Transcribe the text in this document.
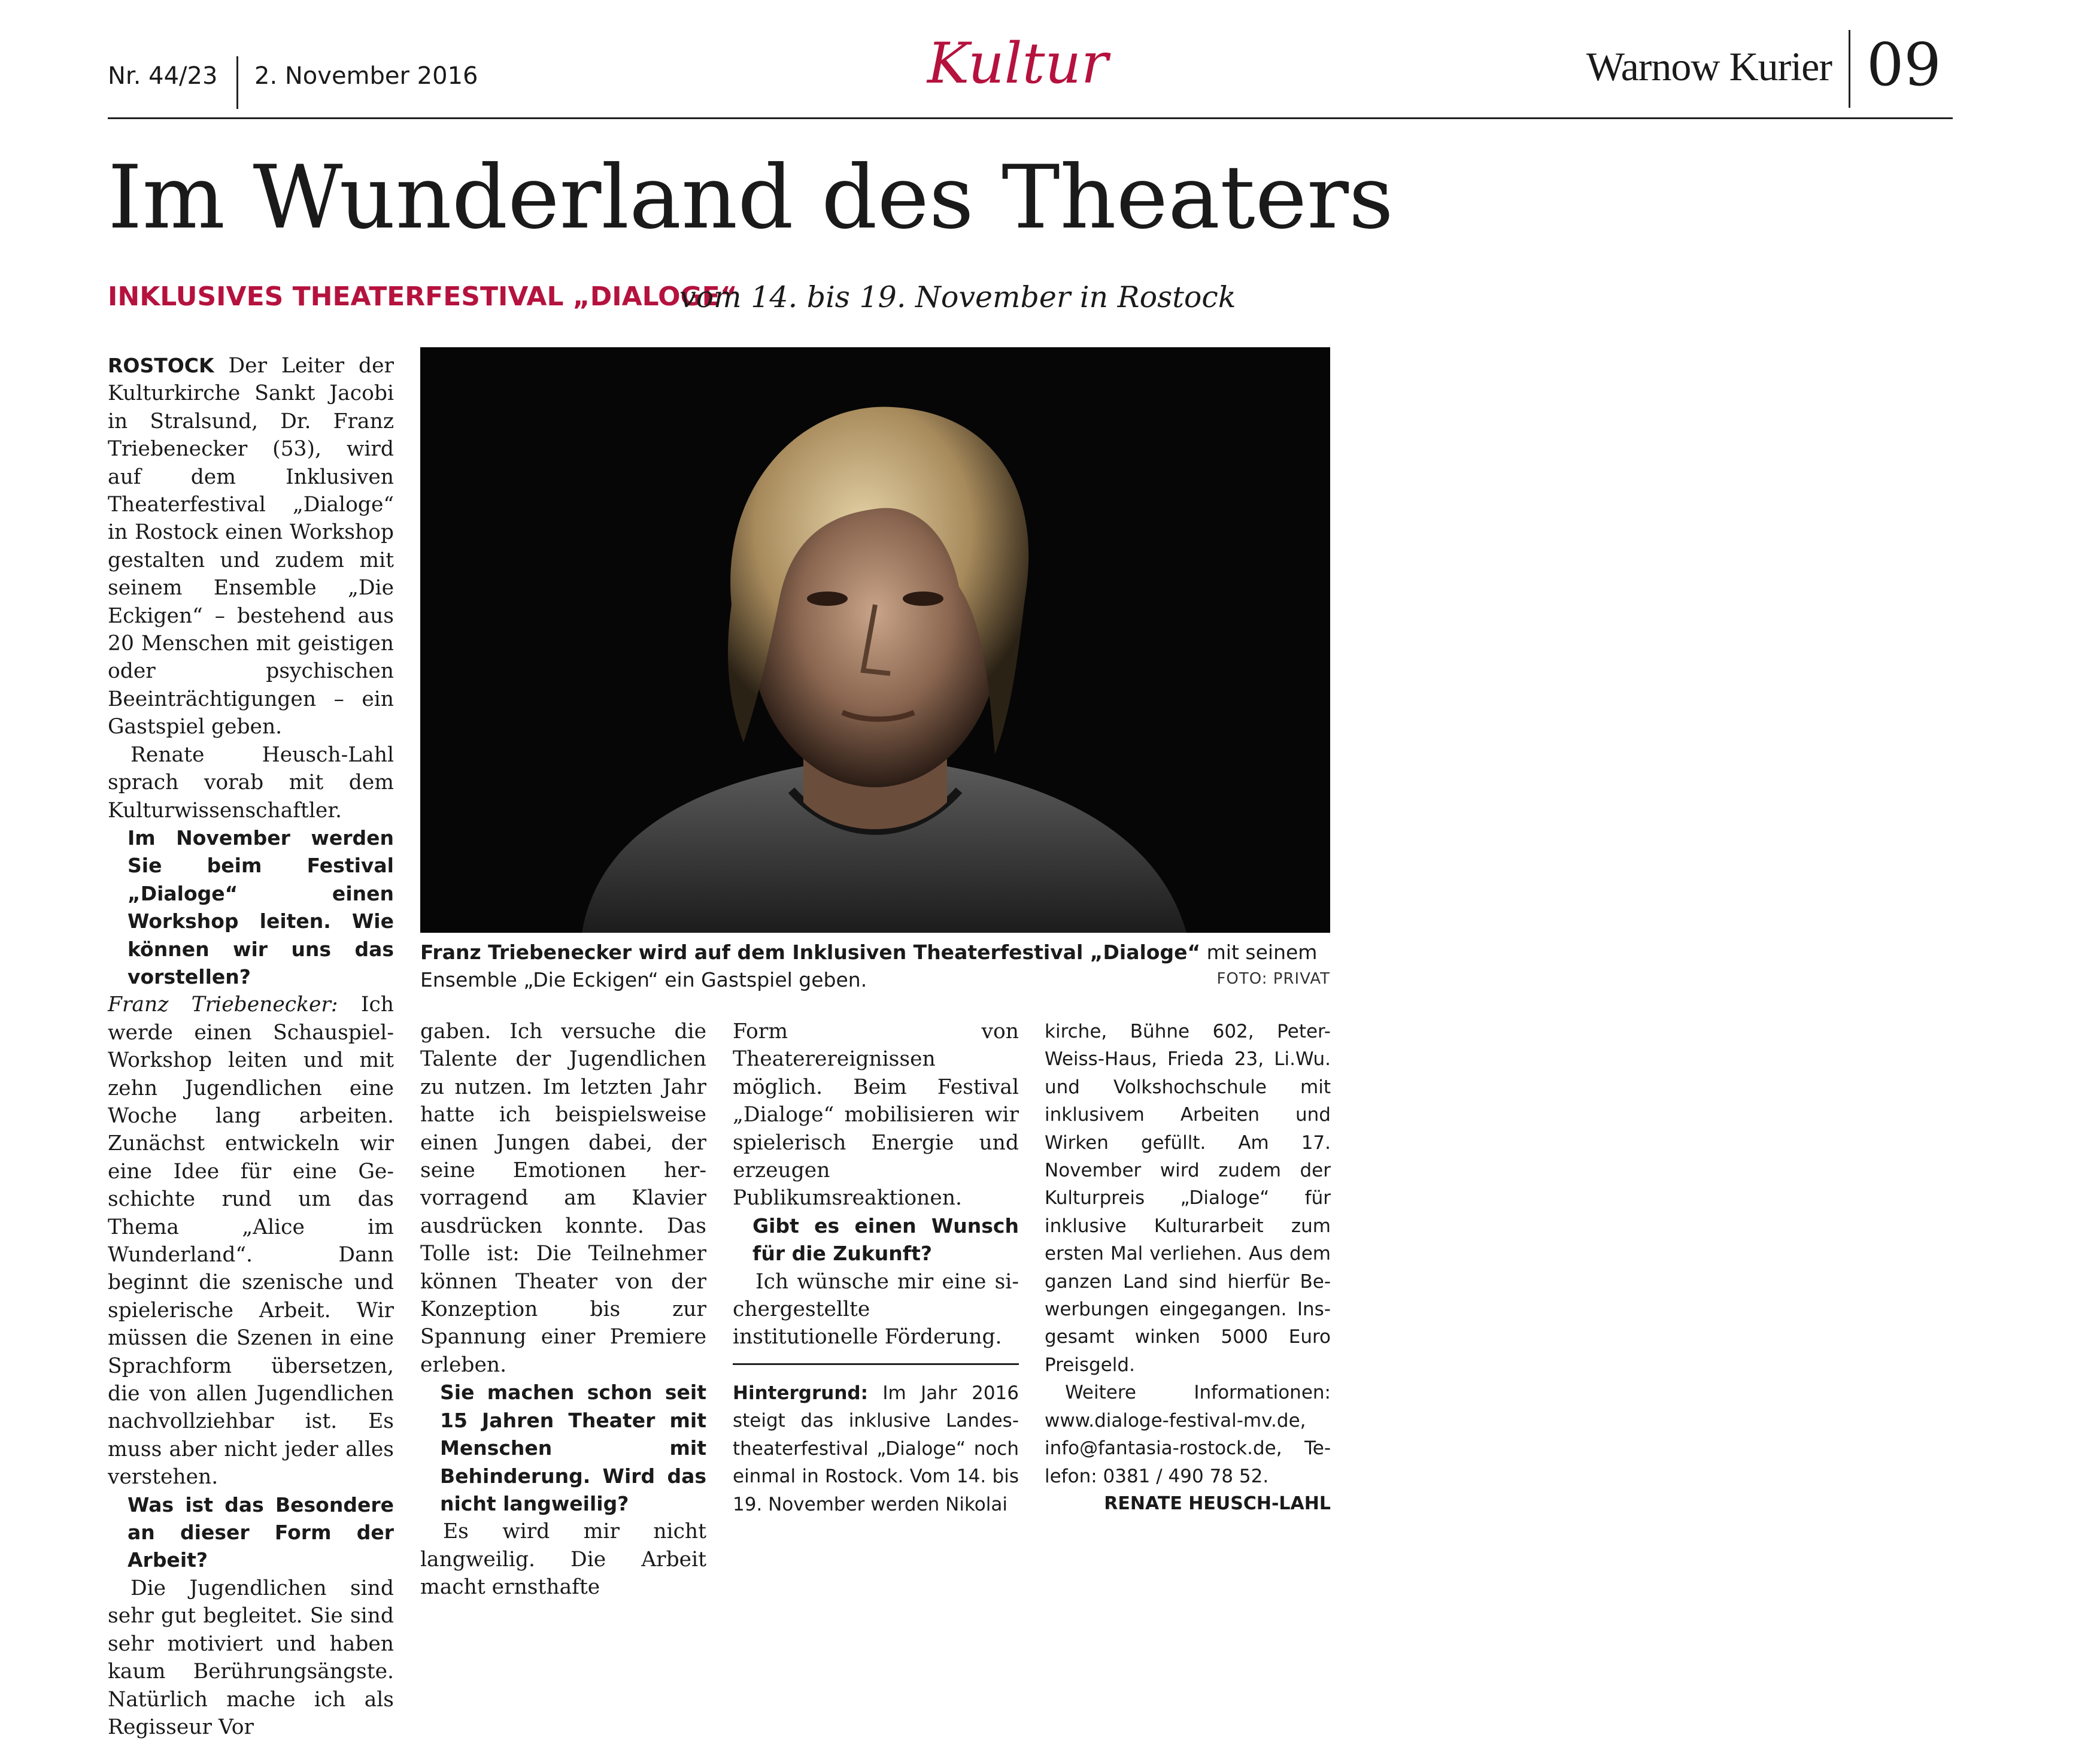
Nr. 44/23 2. November 2016	Kultur	Warnow Kurier 09
Im Wunderland des Theaters
INKLUSIVES THEATERFESTIVAL „DIALOGE“
vom 14. bis 19. November in Rostock
Franz Triebenecker wird auf dem Inklusiven Theaterfestival „Dialoge“ mit seinem Ensemble „Die Eckigen“ ein Gastspiel geben.	FOTO: PRIVAT

ROSTOCK Der Leiter der Kulturkirche Sankt Jacobi in Stralsund, Dr. Franz Triebenecker (53), wird auf dem Inklusiven Theaterfestival „Dialoge“ in Rostock einen Workshop gestalten und zudem mit seinem Ensemble „Die Eckigen“ – bestehend aus 20 Menschen mit geistigen oder psychischen Beeinträchtigungen – ein Gastspiel geben.

Renate Heusch-Lahl sprach vorab mit dem Kulturwissenschaftler.

Im November werden Sie beim Festival „Dialoge“ einen Workshop leiten. Wie können wir uns das vorstellen?

Franz Triebenecker: Ich werde einen Schauspiel-Workshop leiten und mit zehn Jugendlichen eine Woche lang arbeiten. Zunächst entwickeln wir eine Idee für eine Geschichte rund um das Thema „Alice im Wunderland“. Dann beginnt die szenische und spielerische Arbeit. Wir müssen die Szenen in eine Sprachform übersetzen, die von allen Jugendlichen nachvollziehbar ist. Es muss aber nicht jeder alles verstehen.

Was ist das Besondere an dieser Form der Arbeit?

Die Jugendlichen sind sehr gut begleitet. Sie sind sehr motiviert und haben kaum Berührungsängste. Natürlich mache ich als Regisseur Vor

gaben. Ich versuche die Talente der Jugendlichen zu nutzen. Im letzten Jahr hatte ich beispielsweise einen Jungen dabei, der seine Emotionen hervorragend am Klavier ausdrücken konnte. Das Tolle ist: Die Teilnehmer können Theater von der Konzeption bis zur Spannung einer Premiere erleben.

Sie machen schon seit 15 Jahren Theater mit Menschen mit Behinderung. Wird das nicht langweilig?

Es wird mir nicht langweilig. Die Arbeit macht ernsthafte

Form von Theaterereignissen möglich. Beim Festival „Dialoge“ mobilisieren wir spielerisch Energie und erzeugen Publikumsreaktionen.

Gibt es einen Wunsch für die Zukunft?

Ich wünsche mir eine sichergestellte institutionelle Förderung.

Hintergrund: Im Jahr 2016 steigt das inklusive Landestheaterfestival „Dialoge“ noch einmal in Rostock. Vom 14. bis 19. November werden Nikolai

kirche, Bühne 602, Peter-Weiss-Haus, Frieda 23, Li.Wu. und Volkshochschule mit inklusivem Arbeiten und Wirken gefüllt. Am 17. November wird zudem der Kulturpreis „Dialoge“ für inklusive Kulturarbeit zum ersten Mal verliehen. Aus dem ganzen Land sind hierfür Bewerbungen eingegangen. Insgesamt winken 5000 Euro Preisgeld.

Weitere Informationen: www.dialoge-festival-mv.de, info@fantasia-rostock.de, Telefon: 0381 / 490 78 52.

RENATE HEUSCH-LAHL
